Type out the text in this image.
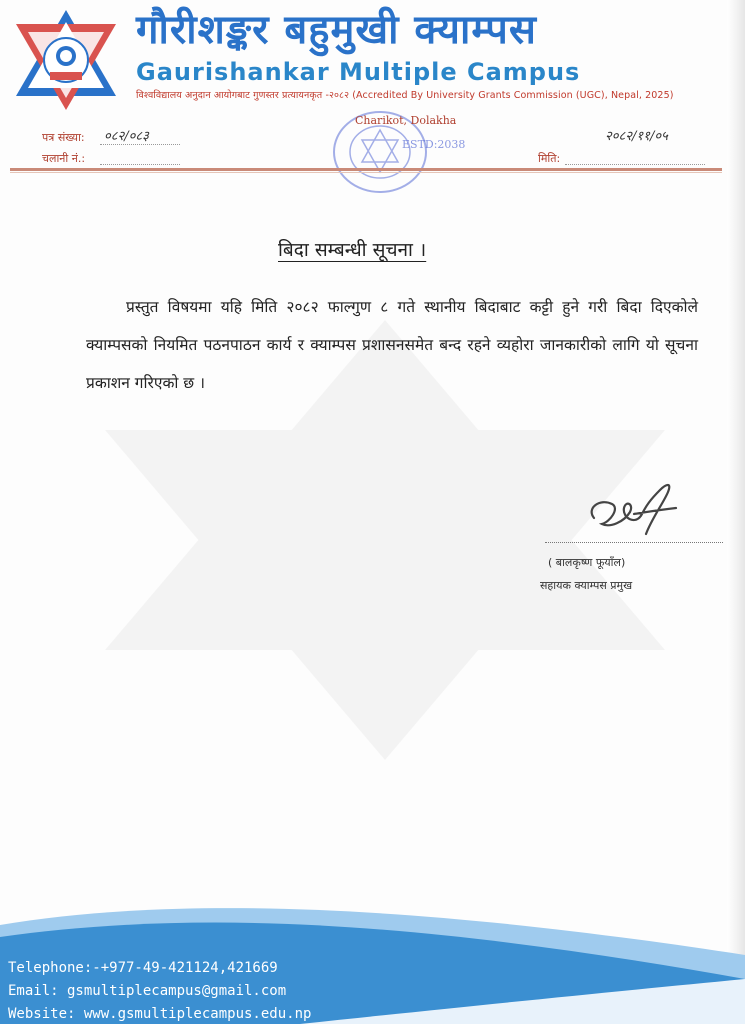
गौरीशङ्कर बहुमुखी क्याम्पस
Gaurishankar Multiple Campus
विश्वविद्यालय अनुदान आयोगबाट गुणस्तर प्रत्यायनकृत -२०८२ (Accredited By University Grants Commission (UGC), Nepal, 2025)
पत्र संख्या: ०८२/०८३
चलानी नं.:
२०८२/११/०५
मिति:
Charikot, Dolakha
ESTD:2038
बिदा सम्बन्धी सूचना ।
प्रस्तुत विषयमा यहि मिति २०८२ फाल्गुण ८ गते स्थानीय बिदाबाट कट्टी हुने गरी बिदा दिएकोले क्याम्पसको नियमित पठनपाठन कार्य र क्याम्पस प्रशासनसमेत बन्द रहने व्यहोरा जानकारीको लागि यो सूचना प्रकाशन गरिएको छ ।
( बालकृष्ण फूयाँल)
सहायक क्याम्पस प्रमुख
Telephone:-+977-49-421124,421669
Email: gsmultiplecampus@gmail.com
Website: www.gsmultiplecampus.edu.np
